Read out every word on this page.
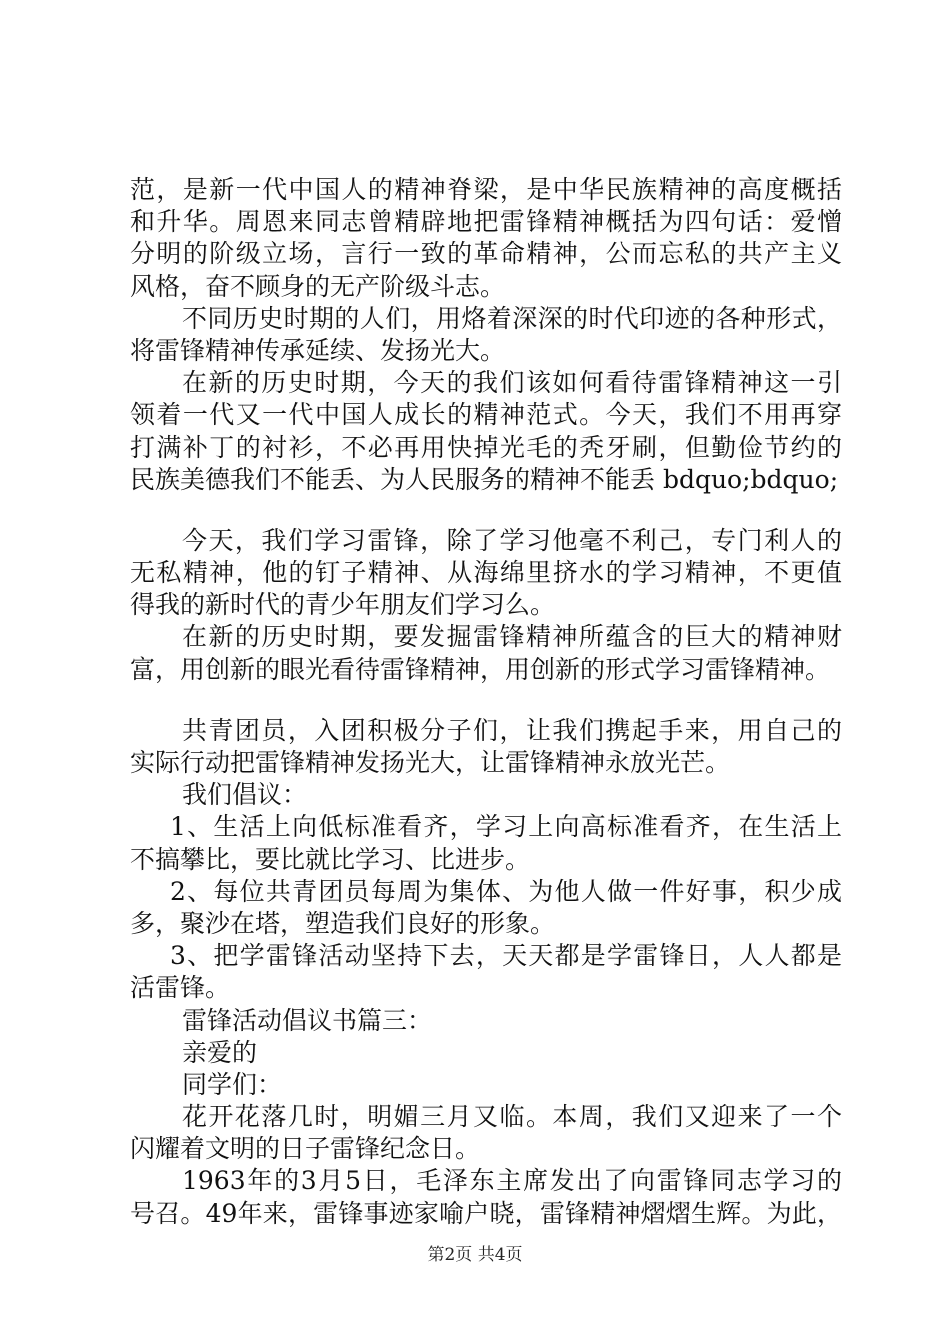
范，是新一代中国人的精神脊梁，是中华民族精神的高度概括
和升华。周恩来同志曾精辟地把雷锋精神概括为四句话：爱憎
分明的阶级立场，言行一致的革命精神，公而忘私的共产主义
风格，奋不顾身的无产阶级斗志。
不同历史时期的人们，用烙着深深的时代印迹的各种形式，
将雷锋精神传承延续、发扬光大。
在新的历史时期，今天的我们该如何看待雷锋精神这一引
领着一代又一代中国人成长的精神范式。今天，我们不用再穿
打满补丁的衬衫，不必再用快掉光毛的秃牙刷，但勤俭节约的
民族美德我们不能丢、为人民服务的精神不能丢 bdquo;bdquo;
今天，我们学习雷锋，除了学习他毫不利己，专门利人的
无私精神，他的钉子精神、从海绵里挤水的学习精神，不更值
得我的新时代的青少年朋友们学习么。
在新的历史时期，要发掘雷锋精神所蕴含的巨大的精神财
富，用创新的眼光看待雷锋精神，用创新的形式学习雷锋精神。
共青团员，入团积极分子们，让我们携起手来，用自己的
实际行动把雷锋精神发扬光大，让雷锋精神永放光芒。
我们倡议：
1、生活上向低标准看齐，学习上向高标准看齐，在生活上
不搞攀比，要比就比学习、比进步。
2、每位共青团员每周为集体、为他人做一件好事，积少成
多，聚沙在塔，塑造我们良好的形象。
3、把学雷锋活动坚持下去，天天都是学雷锋日，人人都是
活雷锋。
雷锋活动倡议书篇三：
亲爱的
同学们：
花开花落几时，明媚三月又临。本周，我们又迎来了一个
闪耀着文明的日子雷锋纪念日。
1963年的3月5日，毛泽东主席发出了向雷锋同志学习的
号召。49年来，雷锋事迹家喻户晓，雷锋精神熠熠生辉。为此，
第2页 共4页
